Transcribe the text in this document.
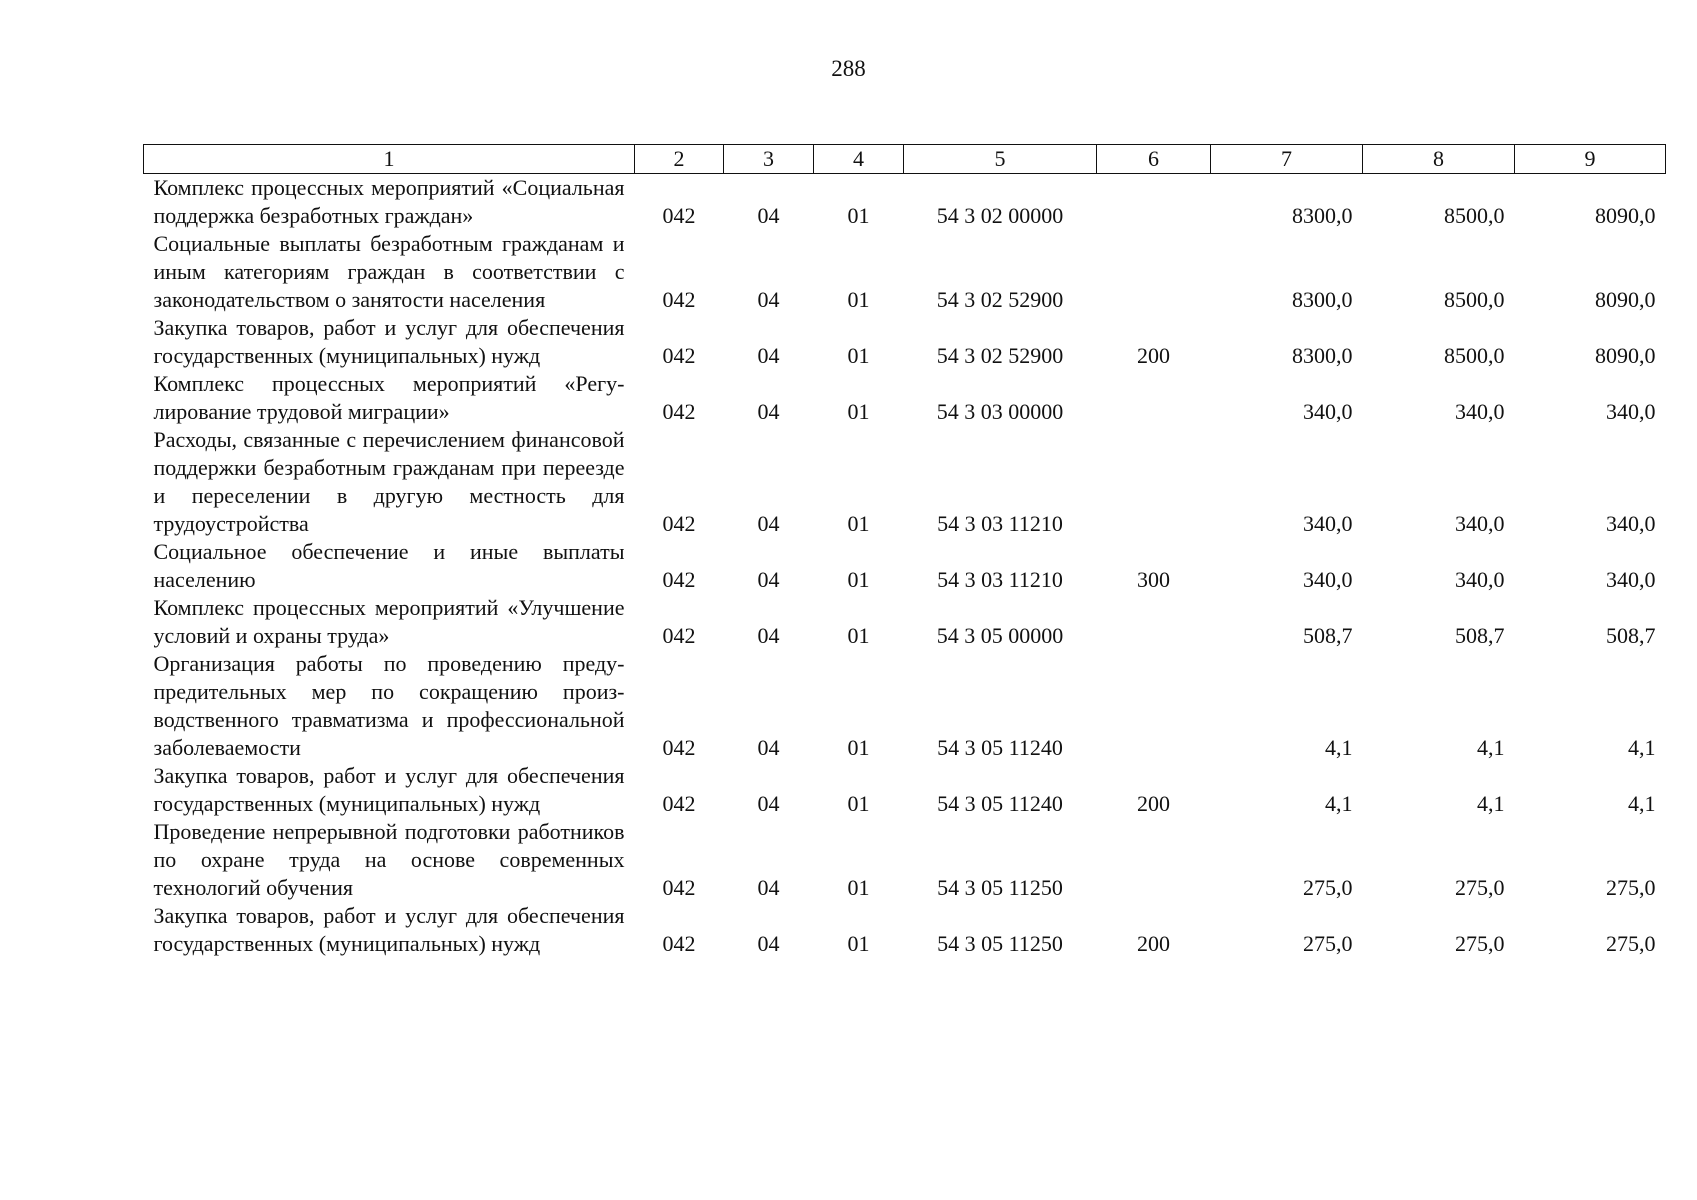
288
1	2	3	4	5	6	7	8	9
Комплекс процессных мероприятий «Социальная поддержка безработных граждан»	042	04	01	54 3 02 00000		8300,0	8500,0	8090,0
Социальные выплаты безработным гражданам и иным категориям граждан в соответствии с законодательством о занятости населения	042	04	01	54 3 02 52900		8300,0	8500,0	8090,0
Закупка товаров, работ и услуг для обеспечения государственных (муниципальных) нужд	042	04	01	54 3 02 52900	200	8300,0	8500,0	8090,0
Комплекс процессных мероприятий «Регулирование трудовой миграции»	042	04	01	54 3 03 00000		340,0	340,0	340,0
Расходы, связанные с перечислением финансовой поддержки безработным гражданам при переезде и переселении в другую местность для трудоустройства	042	04	01	54 3 03 11210		340,0	340,0	340,0
Социальное обеспечение и иные выплаты населению	042	04	01	54 3 03 11210	300	340,0	340,0	340,0
Комплекс процессных мероприятий «Улучшение условий и охраны труда»	042	04	01	54 3 05 00000		508,7	508,7	508,7
Организация работы по проведению предупредительных мер по сокращению производственного травматизма и профессиональной заболеваемости	042	04	01	54 3 05 11240		4,1	4,1	4,1
Закупка товаров, работ и услуг для обеспечения государственных (муниципальных) нужд	042	04	01	54 3 05 11240	200	4,1	4,1	4,1
Проведение непрерывной подготовки работников по охране труда на основе современных технологий обучения	042	04	01	54 3 05 11250		275,0	275,0	275,0
Закупка товаров, работ и услуг для обеспечения государственных (муниципальных) нужд	042	04	01	54 3 05 11250	200	275,0	275,0	275,0
